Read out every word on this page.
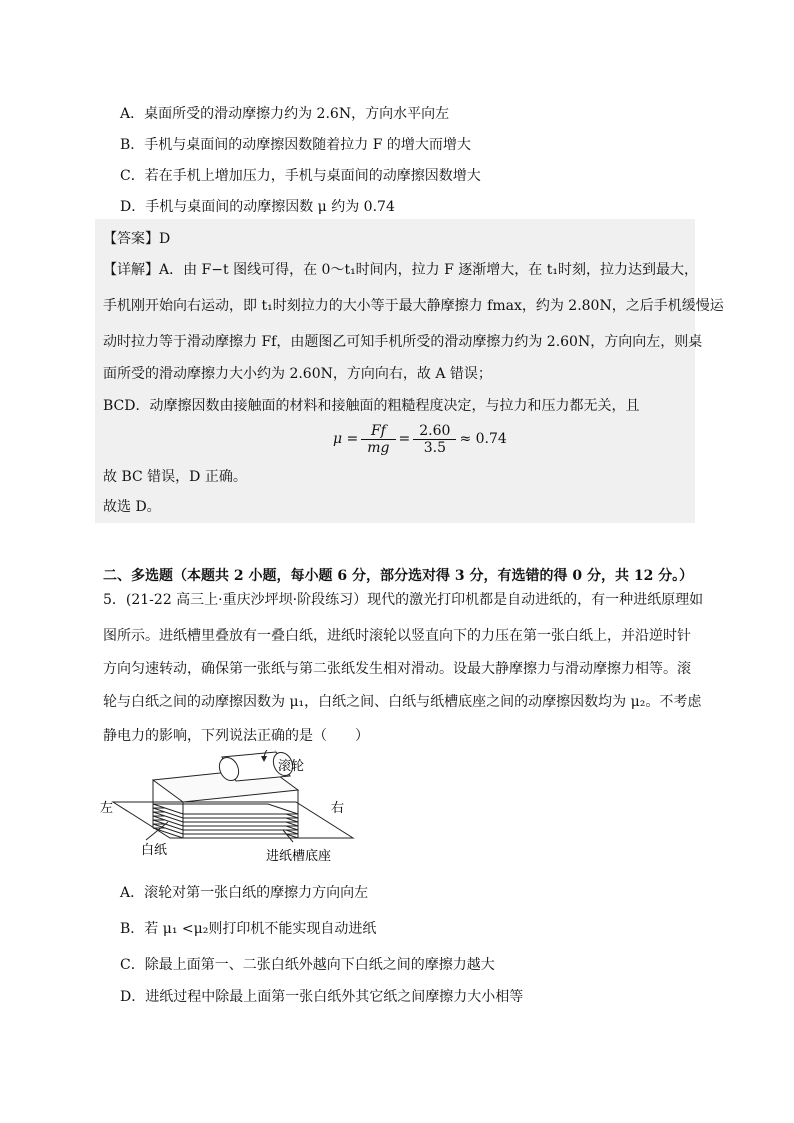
A．桌面所受的滑动摩擦力约为 2.6N，方向水平向左
B．手机与桌面间的动摩擦因数随着拉力 F 的增大而增大
C．若在手机上增加压力，手机与桌面间的动摩擦因数增大
D．手机与桌面间的动摩擦因数 μ 约为 0.74
【答案】D
【详解】A．由 F−t 图线可得，在 0～t₁时间内，拉力 F 逐渐增大，在 t₁时刻，拉力达到最大，
手机刚开始向右运动，即 t₁时刻拉力的大小等于最大静摩擦力 fmax，约为 2.80N，之后手机缓慢运
动时拉力等于滑动摩擦力 Ff，由题图乙可知手机所受的滑动摩擦力约为 2.60N，方向向左，则桌
面所受的滑动摩擦力大小约为 2.60N，方向向右，故 A 错误；
BCD．动摩擦因数由接触面的材料和接触面的粗糙程度决定，与拉力和压力都无关，且
$\mu = \frac{Ff}{mg} = \frac{2.60}{3.5} \approx 0.74$
故 BC 错误，D 正确。
故选 D。
二、多选题（本题共 2 小题，每小题 6 分，部分选对得 3 分，有选错的得 0 分，共 12 分。）
5．(21-22 高三上·重庆沙坪坝·阶段练习）现代的激光打印机都是自动进纸的，有一种进纸原理如
图所示。进纸槽里叠放有一叠白纸，进纸时滚轮以竖直向下的力压在第一张白纸上，并沿逆时针
方向匀速转动，确保第一张纸与第二张纸发生相对滑动。设最大静摩擦力与滑动摩擦力相等。滚
轮与白纸之间的动摩擦因数为 μ₁，白纸之间、白纸与纸槽底座之间的动摩擦因数均为 μ₂。不考虑
静电力的影响，下列说法正确的是（　　）
滚轮
左	右
白纸	进纸槽底座
A．滚轮对第一张白纸的摩擦力方向向左
B．若 μ₁ <μ₂则打印机不能实现自动进纸
C．除最上面第一、二张白纸外越向下白纸之间的摩擦力越大
D．进纸过程中除最上面第一张白纸外其它纸之间摩擦力大小相等
